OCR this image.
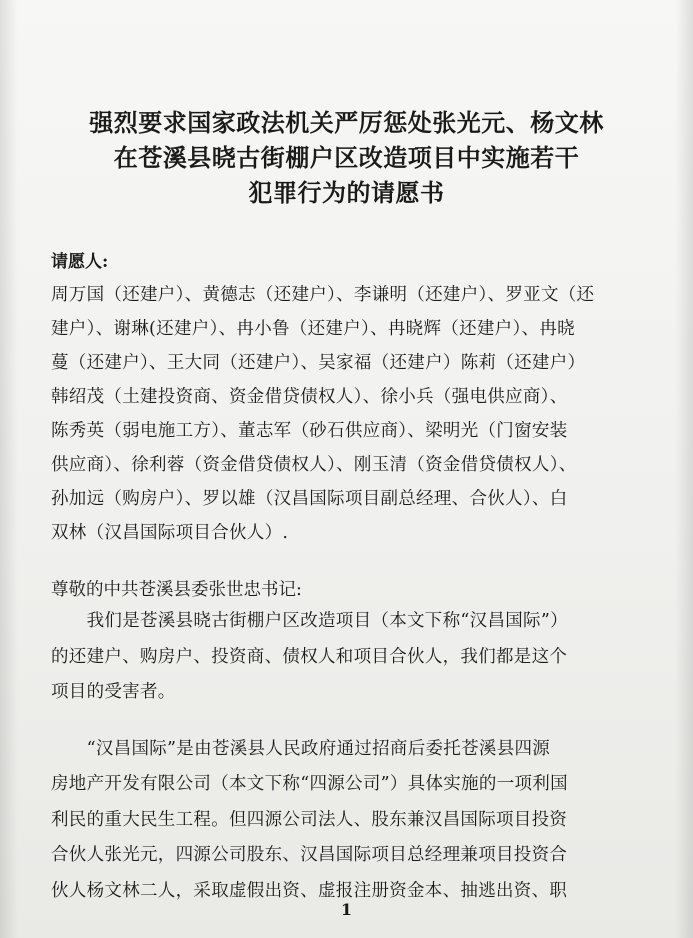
强烈要求国家政法机关严厉惩处张光元、杨文林
在苍溪县晓古街棚户区改造项目中实施若干
犯罪行为的请愿书
请愿人:
周万国（还建户）、黄德志（还建户）、李谦明（还建户）、罗亚文（还
建户）、谢琳(还建户）、冉小鲁（还建户）、冉晓辉（还建户）、冉晓
蔓（还建户）、王大同（还建户）、吴家福（还建户）陈莉（还建户）
韩绍茂（土建投资商、资金借贷债权人）、徐小兵（强电供应商）、
陈秀英（弱电施工方）、董志军（砂石供应商）、梁明光（门窗安装
供应商）、徐利蓉（资金借贷债权人）、刚玉清（资金借贷债权人）、
孙加远（购房户）、罗以雄（汉昌国际项目副总经理、合伙人）、白
双林（汉昌国际项目合伙人）.
尊敬的中共苍溪县委张世忠书记:
　　我们是苍溪县晓古街棚户区改造项目（本文下称“汉昌国际”）
的还建户、购房户、投资商、债权人和项目合伙人，我们都是这个
项目的受害者。
　　“汉昌国际”是由苍溪县人民政府通过招商后委托苍溪县四源
房地产开发有限公司（本文下称“四源公司”）具体实施的一项利国
利民的重大民生工程。但四源公司法人、股东兼汉昌国际项目投资
合伙人张光元，四源公司股东、汉昌国际项目总经理兼项目投资合
伙人杨文林二人，采取虚假出资、虚报注册资金本、抽逃出资、职
1
